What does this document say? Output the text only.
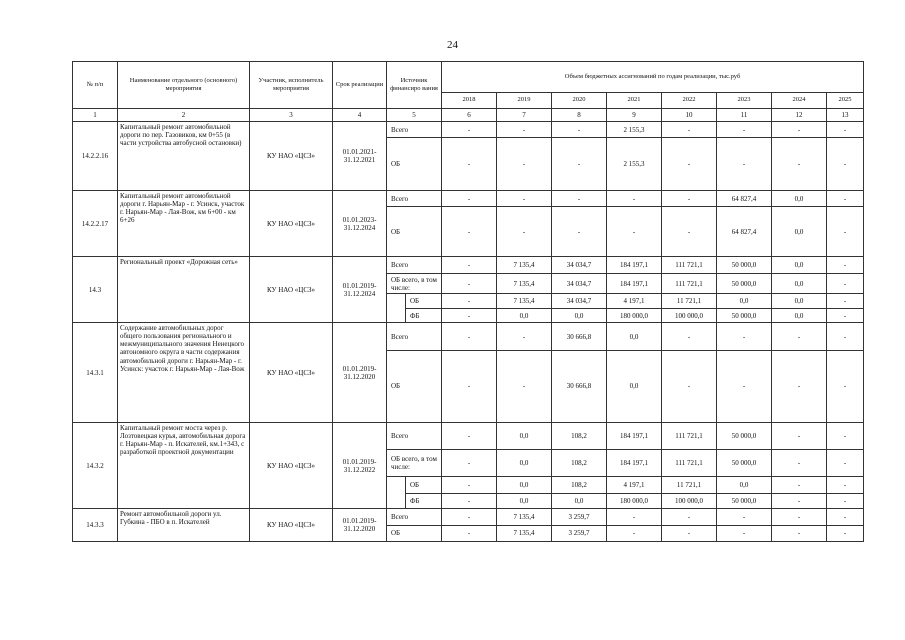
24
№ п/п	Наименование отдельного (основного) мероприятия	Участник, исполнитель мероприятия	Срок реализации	Источник финансиро вания		Объем бюджетных ассигнований по годам реализации, тыс.руб							
						2018	2019	2020	2021	2022	2023	2024	2025
1	2	3	4	5		6	7	8	9	10	11	12	13
14.2.2.16	Капитальный ремонт автомобильной дороги по пер. Газовиков, км 0+55 (в части устройства автобусной остановки)	КУ НАО «ЦСЗ»	01.01.2021-31.12.2021	Всего		-	-	-	2 155,3	-	-	-	-
				ОБ		-	-	-	2 155,3	-	-	-	-
14.2.2.17	Капитальный ремонт автомобильной дороги г. Нарьян-Мар - г. Усинск, участок г. Нарьян-Мар - Лая-Вож, км 6+00 - км 6+26	КУ НАО «ЦСЗ»	01.01.2023-31.12.2024	Всего		-	-	-	-	-	64 827,4	0,0	-
				ОБ		-	-	-	-	-	64 827,4	0,0	-
14.3	Региональный проект «Дорожная сеть»	КУ НАО «ЦСЗ»	01.01.2019-31.12.2024	Всего		-	7 135,4	34 034,7	184 197,1	111 721,1	50 000,0	0,0	-
				ОБ всего, в том числе:		-	7 135,4	34 034,7	184 197,1	111 721,1	50 000,0	0,0	-
					ОБ	-	7 135,4	34 034,7	4 197,1	11 721,1	0,0	0,0	-
					ФБ	-	0,0	0,0	180 000,0	100 000,0	50 000,0	0,0	-
14.3.1	Содержание автомобильных дорог общего пользования регионального и межмуниципального значения Ненецкого автономного округа в части содержания автомобильной дороги г. Нарьян-Мар - г. Усинск: участок г. Нарьян-Мар - Лая-Вож	КУ НАО «ЦСЗ»	01.01.2019-31.12.2020	Всего		-	-	30 666,8	0,0	-	-	-	-
				ОБ		-	-	30 666,8	0,0	-	-	-	-
14.3.2	Капитальный ремонт моста через р. Лозтовецкая курья, автомобильная дорога г. Нарьян-Мар - п. Искателей, км.1+343, с разработкой проектной документации	КУ НАО «ЦСЗ»	01.01.2019-31.12.2022	Всего		-	0,0	108,2	184 197,1	111 721,1	50 000,0	-	-
				ОБ всего, в том числе:		-	0,0	108,2	184 197,1	111 721,1	50 000,0	-	-
					ОБ	-	0,0	108,2	4 197,1	11 721,1	0,0	-	-
					ФБ	-	0,0	0,0	180 000,0	100 000,0	50 000,0	-	-
14.3.3	Ремонт автомобильной дороги ул. Губкина - ПБО в п. Искателей	КУ НАО «ЦСЗ»	01.01.2019-31.12.2020	Всего		-	7 135,4	3 259,7	-	-	-	-	-
				ОБ		-	7 135,4	3 259,7	-	-	-	-	-
